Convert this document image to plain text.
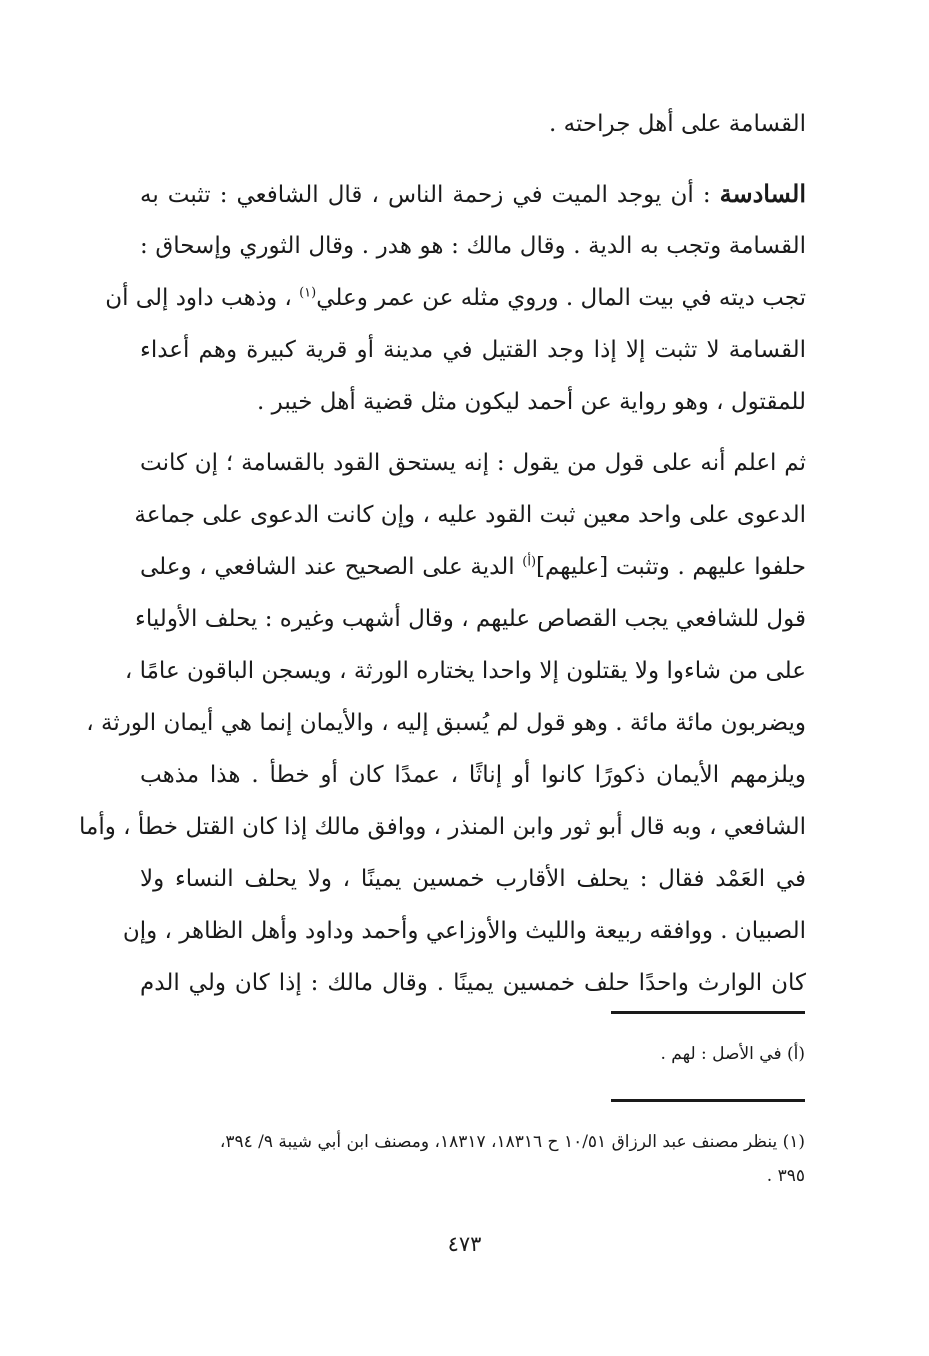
القسامة على أهل جراحته .
السادسة : أن يوجد الميت في زحمة الناس ، قال الشافعي : تثبت به
القسامة وتجب به الدية . وقال مالك : هو هدر . وقال الثوري وإسحاق :
تجب ديته في بيت المال . وروي مثله عن عمر وعلي$^{(١)}$ ، وذهب داود إلى أن
القسامة لا تثبت إلا إذا وجد القتيل في مدينة أو قرية كبيرة وهم أعداء
للمقتول ، وهو رواية عن أحمد ليكون مثل قضية أهل خيبر .
ثم اعلم أنه على قول من يقول : إنه يستحق القود بالقسامة ؛ إن كانت
الدعوى على واحد معين ثبت القود عليه ، وإن كانت الدعوى على جماعة
حلفوا عليهم . وتثبت [عليهم]$^{(أ)}$ الدية على الصحيح عند الشافعي ، وعلى
قول للشافعي يجب القصاص عليهم ، وقال أشهب وغيره : يحلف الأولياء
على من شاءوا ولا يقتلون إلا واحدا يختاره الورثة ، ويسجن الباقون عامًا ،
ويضربون مائة مائة . وهو قول لم يُسبق إليه ، والأيمان إنما هي أيمان الورثة ،
ويلزمهم الأيمان ذكورًا كانوا أو إناثًا ، عمدًا كان أو خطأ . هذا مذهب
الشافعي ، وبه قال أبو ثور وابن المنذر ، ووافق مالك إذا كان القتل خطأ ، وأما
في العَمْد فقال : يحلف الأقارب خمسين يمينًا ، ولا يحلف النساء ولا
الصبيان . ووافقه ربيعة والليث والأوزاعي وأحمد وداود وأهل الظاهر ، وإن
كان الوارث واحدًا حلف خمسين يمينًا . وقال مالك : إذا كان ولي الدم
(أ) في الأصل : لهم .
(١) ينظر مصنف عبد الرزاق ١٠/٥١ ح ١٨٣١٦، ١٨٣١٧، ومصنف ابن أبي شيبة ٩/ ٣٩٤،
٣٩٥ .
٤٧٣
